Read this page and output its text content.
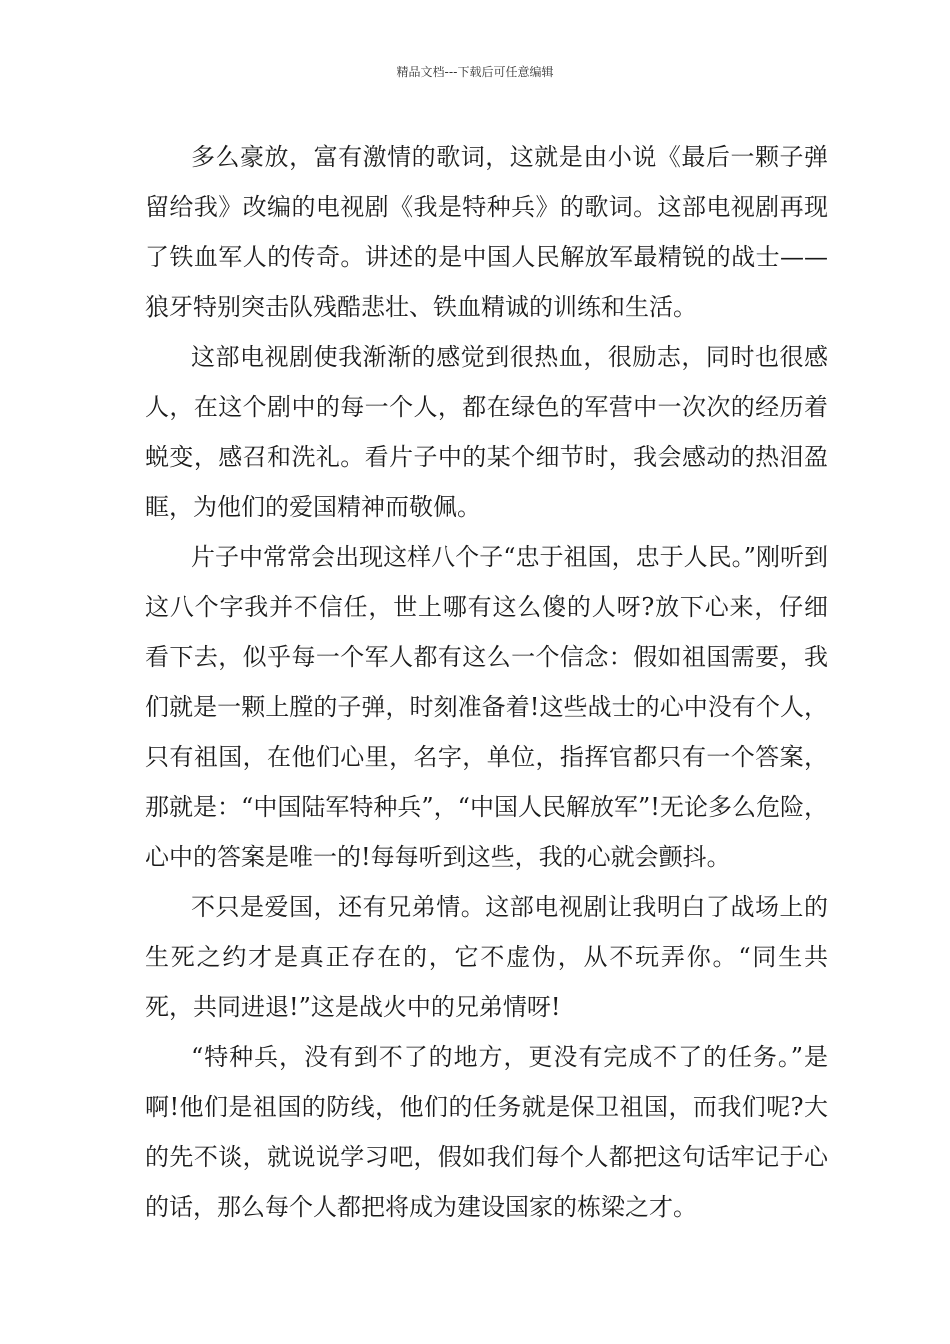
精品文档---下载后可任意编辑

多么豪放，富有激情的歌词，这就是由小说《最后一颗子弹留给我》改编的电视剧《我是特种兵》的歌词。这部电视剧再现了铁血军人的传奇。讲述的是中国人民解放军最精锐的战士——狼牙特别突击队残酷悲壮、铁血精诚的训练和生活。

这部电视剧使我渐渐的感觉到很热血，很励志，同时也很感人，在这个剧中的每一个人，都在绿色的军营中一次次的经历着蜕变，感召和洗礼。看片子中的某个细节时，我会感动的热泪盈眶，为他们的爱国精神而敬佩。

片子中常常会出现这样八个子“忠于祖国，忠于人民。”刚听到这八个字我并不信任，世上哪有这么傻的人呀?放下心来，仔细看下去，似乎每一个军人都有这么一个信念：假如祖国需要，我们就是一颗上膛的子弹，时刻准备着!这些战士的心中没有个人，只有祖国，在他们心里，名字，单位，指挥官都只有一个答案，那就是：“中国陆军特种兵”，“中国人民解放军”!无论多么危险，心中的答案是唯一的!每每听到这些，我的心就会颤抖。

不只是爱国，还有兄弟情。这部电视剧让我明白了战场上的生死之约才是真正存在的，它不虚伪，从不玩弄你。“同生共死，共同进退!”这是战火中的兄弟情呀!

“特种兵，没有到不了的地方，更没有完成不了的任务。”是啊!他们是祖国的防线，他们的任务就是保卫祖国，而我们呢?大的先不谈，就说说学习吧，假如我们每个人都把这句话牢记于心的话，那么每个人都把将成为建设国家的栋梁之才。
